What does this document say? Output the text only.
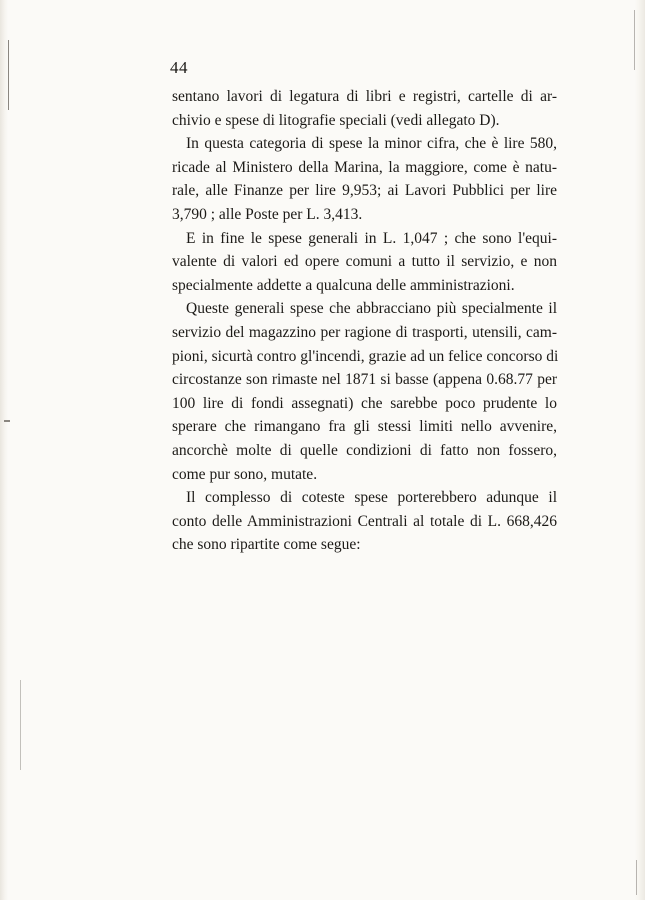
44
sentano lavori di legatura di libri e registri, cartelle di ar-
chivio e spese di litografie speciali (vedi allegato D).
In questa categoria di spese la minor cifra, che è lire 580,
ricade al Ministero della Marina, la maggiore, come è natu-
rale, alle Finanze per lire 9,953; ai Lavori Pubblici per lire
3,790 ; alle Poste per L. 3,413.
E in fine le spese generali in L. 1,047 ; che sono l'equi-
valente di valori ed opere comuni a tutto il servizio, e non
specialmente addette a qualcuna delle amministrazioni.
Queste generali spese che abbracciano più specialmente il
servizio del magazzino per ragione di trasporti, utensili, cam-
pioni, sicurtà contro gl'incendi, grazie ad un felice concorso di
circostanze son rimaste nel 1871 si basse (appena 0.68.77 per
100 lire di fondi assegnati) che sarebbe poco prudente lo
sperare che rimangano fra gli stessi limiti nello avvenire,
ancorchè molte di quelle condizioni di fatto non fossero,
come pur sono, mutate.
Il complesso di coteste spese porterebbero adunque il
conto delle Amministrazioni Centrali al totale di L. 668,426
che sono ripartite come segue:
